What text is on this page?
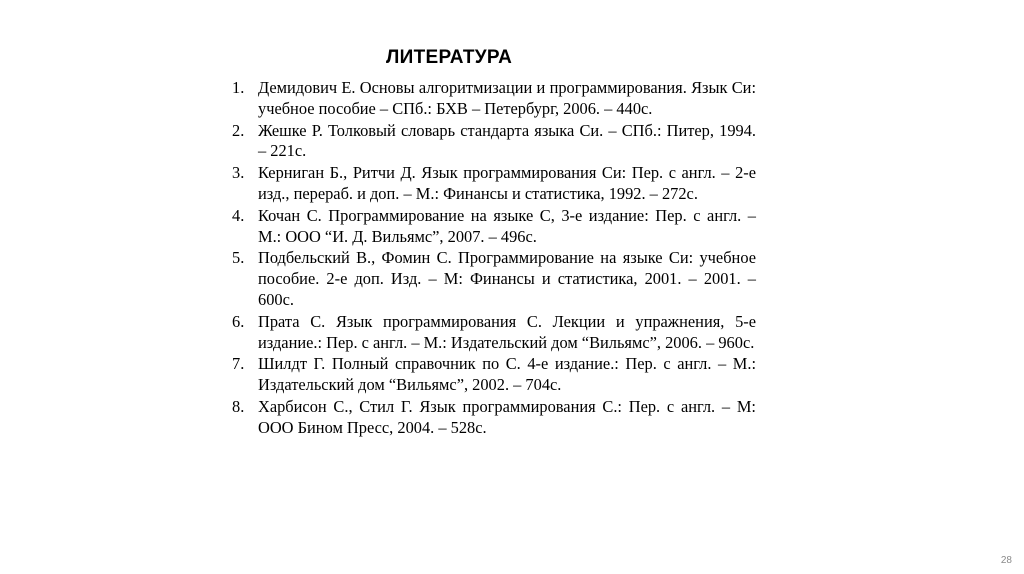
ЛИТЕРАТУРА
1. Демидович Е. Основы алгоритмизации и программирования. Язык Си: учебное пособие – СПб.: БХВ – Петербург, 2006. – 440с.
2. Жешке Р. Толковый словарь стандарта языка Си. – СПб.: Питер, 1994. – 221с.
3. Керниган Б., Ритчи Д. Язык программирования Си: Пер. с англ. – 2-е изд., перераб. и доп. – М.: Финансы и статистика, 1992. – 272с.
4. Кочан С. Программирование на языке С, 3-е издание: Пер. с англ. – М.: ООО “И. Д. Вильямс”, 2007. – 496с.
5. Подбельский В., Фомин С. Программирование на языке Си: учебное пособие. 2-е доп. Изд. – М: Финансы и статистика, 2001. – 2001. – 600с.
6. Прата С. Язык программирования С. Лекции и упражнения, 5-е издание.: Пер. с англ. – М.: Издательский дом “Вильямс”, 2006. – 960с.
7. Шилдт Г. Полный справочник по С. 4-е издание.: Пер. с англ. – М.: Издательский дом “Вильямс”, 2002. – 704с.
8. Харбисон С., Стил Г. Язык программирования С.: Пер. с англ. – М: ООО Бином Пресс, 2004. – 528с.
28
